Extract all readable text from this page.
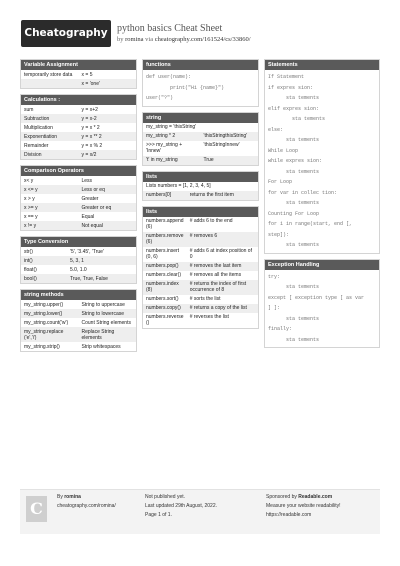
Cheatography python basics Cheat Sheet
by romina via cheatography.com/161524/cs/33860/
Variable Assignment
temporarily store data	x = 5
	x = 'one'
Calculations :
sum	y = x+2
Subtraction	y = x-2
Multiplication	y = x * 2
Exponentiation	y = x ** 2
Remainder	y = x % 2
Division	y = x/2
Comparison Operators
x< y	Less
x <= y	Less or eq
x > y	Greater
x >= y	Greater or eq
x == y	Equal
x != y	Not equal
Type Conversion
str()	'5', '3.45', 'True'
int()	5, 3, 1
float()	5.0, 1.0
bool()	True, True, False
string methods
my_string.upper()	String to uppercase
my_string.lower()	String to lowercase
my_string.count('w')	Count String elements
my_string.replace('e','i')	Replace String elements
my_string.strip()	Strip whitespaces
functions
def user(name):
print("Hi {name}")
user("?")
string
my_string = 'thisString'	
my_string * 2	'thisStringthisString'
>>> my_string + 'Innew'	'thisStringInnew'
't' in my_string	True
lists
Lists numbers = [1, 2, 3, 4, 5]
numbers[0]	returns the first item
lists
numbers.append(6)	# adds 6 to the end
numbers.remove(6)	# removes 6
numbers.insert(0, 6)	# adds 6 at index position of 0
numbers.pop()	# removes the last item
numbers.clear()	# removes all the items
numbers.index(8)	# returns the index of first occurrence of 8
numbers.sort()	# sorts the list
numbers.copy()	# returns a copy of the list
numbers.reverse()	# reverses the list
Statements
If Statement
if expres sion:
sta tements
elif expres sion:
sta tements
else:
sta tements
While Loop
while expres sion:
sta tements
For Loop
for var in collec tion:
sta tements
Counting For Loop
for i in range(start, end [,
step]):
sta tements
Exception Handling
try:
sta tements
except [ exception type [ as var
] ]:
sta tements
finally:
sta tements
C
By romina
cheatography.com/romina/
Not published yet.
Last updated 29th August, 2022.
Page 1 of 1.
Sponsored by Readable.com
Measure your website readability!
https://readable.com
